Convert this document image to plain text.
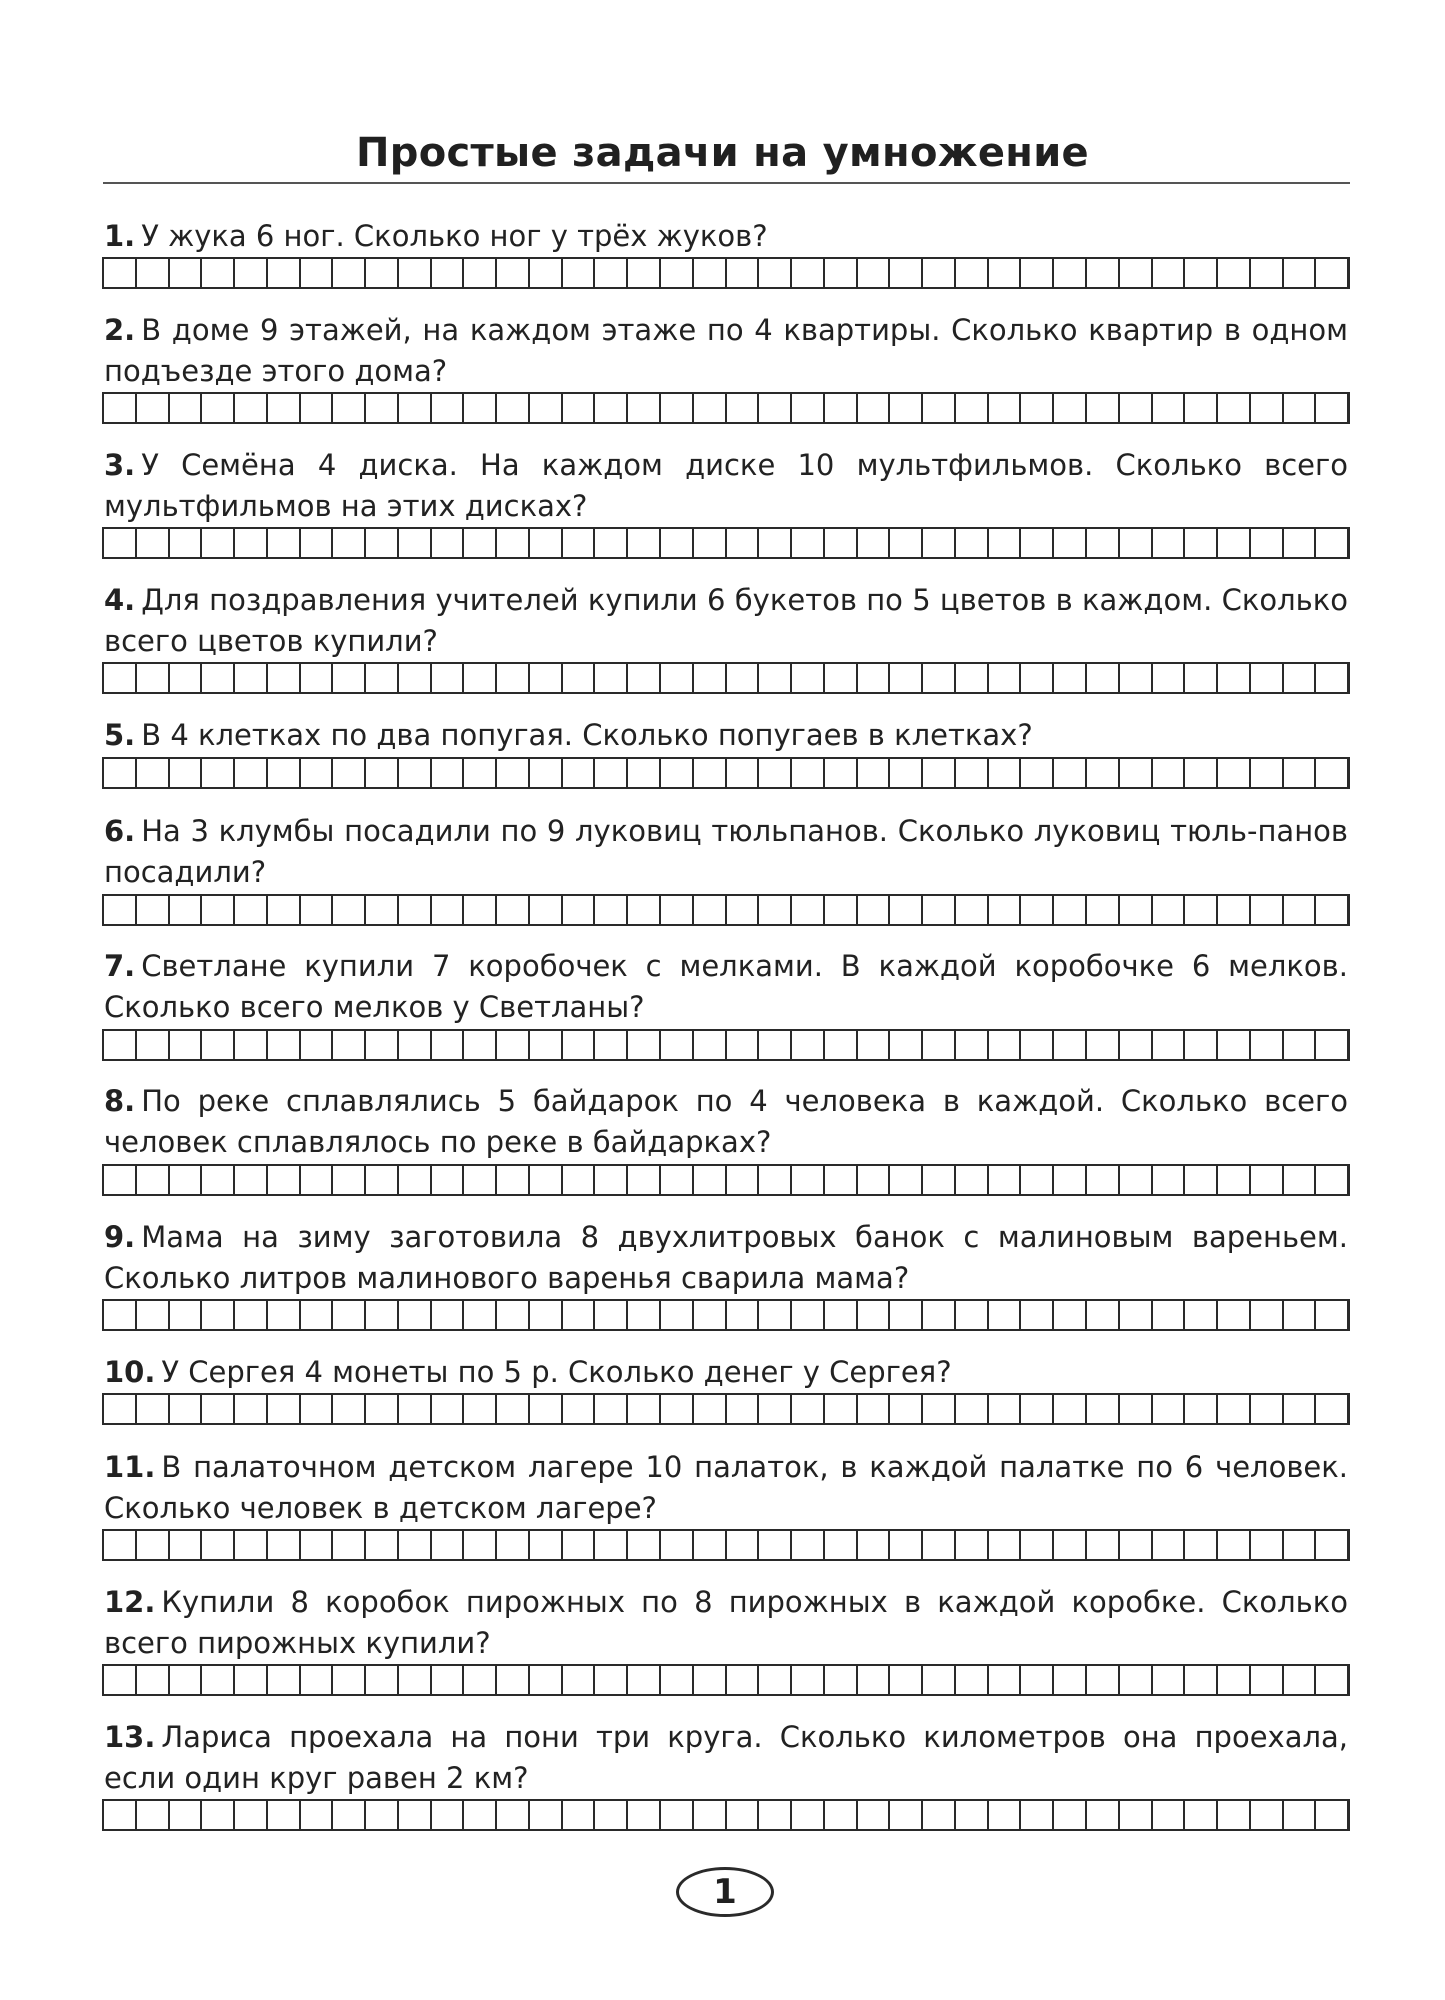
Простые задачи на умножение

1. У жука 6 ног. Сколько ног у трёх жуков?

2. В доме 9 этажей, на каждом этаже по 4 квартиры. Сколько квартир в одном подъезде этого дома?

3. У Семёна 4 диска. На каждом диске 10 мультфильмов. Сколько всего мультфильмов на этих дисках?

4. Для поздравления учителей купили 6 букетов по 5 цветов в каждом. Сколько всего цветов купили?

5. В 4 клетках по два попугая. Сколько попугаев в клетках?

6. На 3 клумбы посадили по 9 луковиц тюльпанов. Сколько луковиц тюль-панов посадили?

7. Светлане купили 7 коробочек с мелками. В каждой коробочке 6 мелков. Сколько всего мелков у Светланы?

8. По реке сплавлялись 5 байдарок по 4 человека в каждой. Сколько всего человек сплавлялось по реке в байдарках?

9. Мама на зиму заготовила 8 двухлитровых банок с малиновым вареньем. Сколько литров малинового варенья сварила мама?

10. У Сергея 4 монеты по 5 р. Сколько денег у Сергея?

11. В палаточном детском лагере 10 палаток, в каждой палатке по 6 человек. Сколько человек в детском лагере?

12. Купили 8 коробок пирожных по 8 пирожных в каждой коробке. Сколько всего пирожных купили?

13. Лариса проехала на пони три круга. Сколько километров она проехала, если один круг равен 2 км?

1
